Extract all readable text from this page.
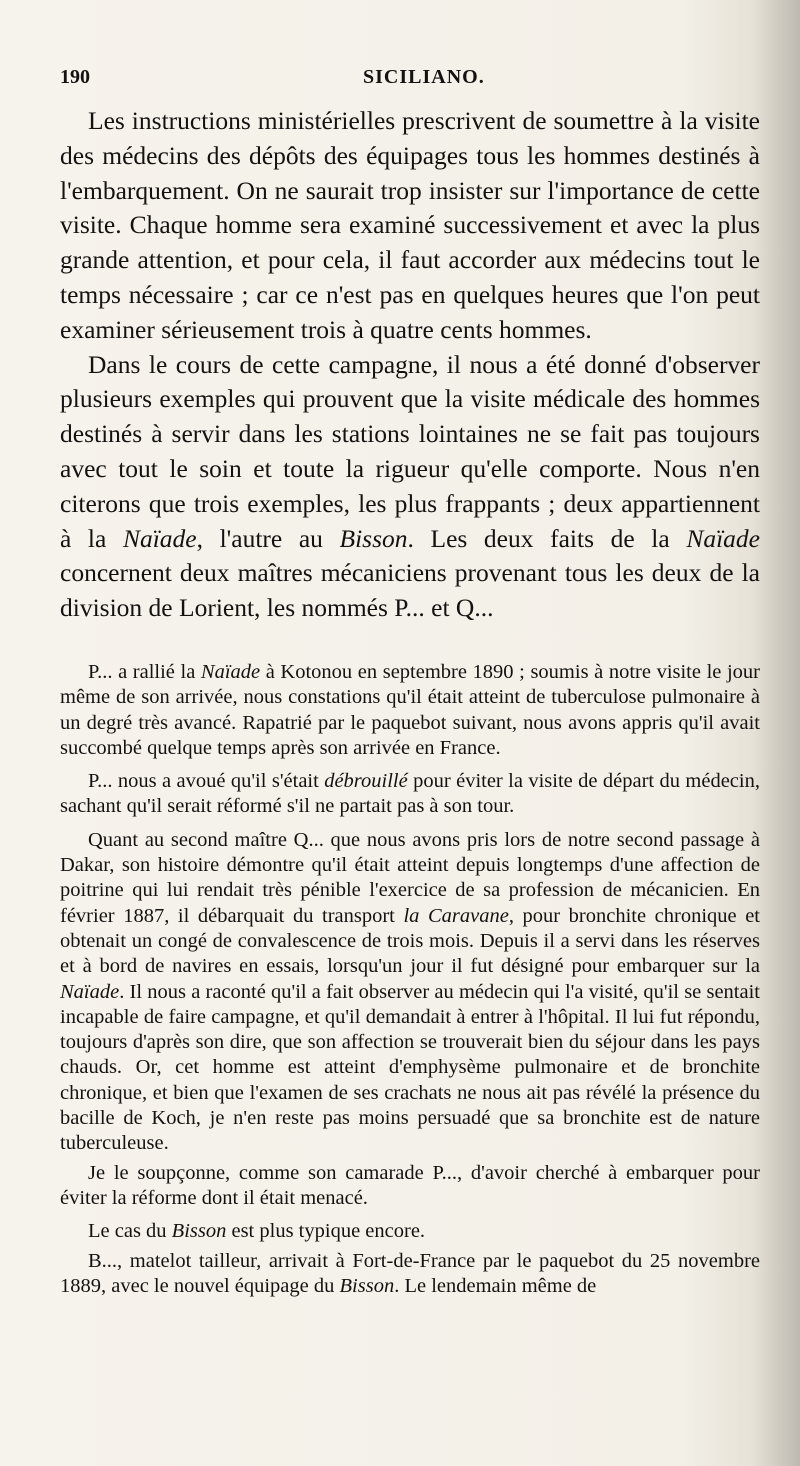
190	SICILIANO.

Les instructions ministérielles prescrivent de soumettre à la visite des médecins des dépôts des équipages tous les hommes destinés à l'embarquement. On ne saurait trop insister sur l'importance de cette visite. Chaque homme sera examiné successivement et avec la plus grande attention, et pour cela, il faut accorder aux médecins tout le temps nécessaire ; car ce n'est pas en quelques heures que l'on peut examiner sérieusement trois à quatre cents hommes.

Dans le cours de cette campagne, il nous a été donné d'observer plusieurs exemples qui prouvent que la visite médicale des hommes destinés à servir dans les stations lointaines ne se fait pas toujours avec tout le soin et toute la rigueur qu'elle comporte. Nous n'en citerons que trois exemples, les plus frappants ; deux appartiennent à la Naïade, l'autre au Bisson. Les deux faits de la Naïade concernent deux maîtres mécaniciens provenant tous les deux de la division de Lorient, les nommés P... et Q...

P... a rallié la Naïade à Kotonou en septembre 1890 ; soumis à notre visite le jour même de son arrivée, nous constations qu'il était atteint de tuberculose pulmonaire à un degré très avancé. Rapatrié par le paquebot suivant, nous avons appris qu'il avait succombé quelque temps après son arrivée en France.

P... nous a avoué qu'il s'était débrouillé pour éviter la visite de départ du médecin, sachant qu'il serait réformé s'il ne partait pas à son tour.

Quant au second maître Q... que nous avons pris lors de notre second passage à Dakar, son histoire démontre qu'il était atteint depuis longtemps d'une affection de poitrine qui lui rendait très pénible l'exercice de sa profession de mécanicien. En février 1887, il débarquait du transport la Caravane, pour bronchite chronique et obtenait un congé de convalescence de trois mois. Depuis il a servi dans les réserves et à bord de navires en essais, lorsqu'un jour il fut désigné pour embarquer sur la Naïade. Il nous a raconté qu'il a fait observer au médecin qui l'a visité, qu'il se sentait incapable de faire campagne, et qu'il demandait à entrer à l'hôpital. Il lui fut répondu, toujours d'après son dire, que son affection se trouverait bien du séjour dans les pays chauds. Or, cet homme est atteint d'emphysème pulmonaire et de bronchite chronique, et bien que l'examen de ses crachats ne nous ait pas révélé la présence du bacille de Koch, je n'en reste pas moins persuadé que sa bronchite est de nature tuberculeuse.

Je le soupçonne, comme son camarade P..., d'avoir cherché à embarquer pour éviter la réforme dont il était menacé.

Le cas du Bisson est plus typique encore.

B..., matelot tailleur, arrivait à Fort-de-France par le paquebot du 25 novembre 1889, avec le nouvel équipage du Bisson. Le lendemain même de
